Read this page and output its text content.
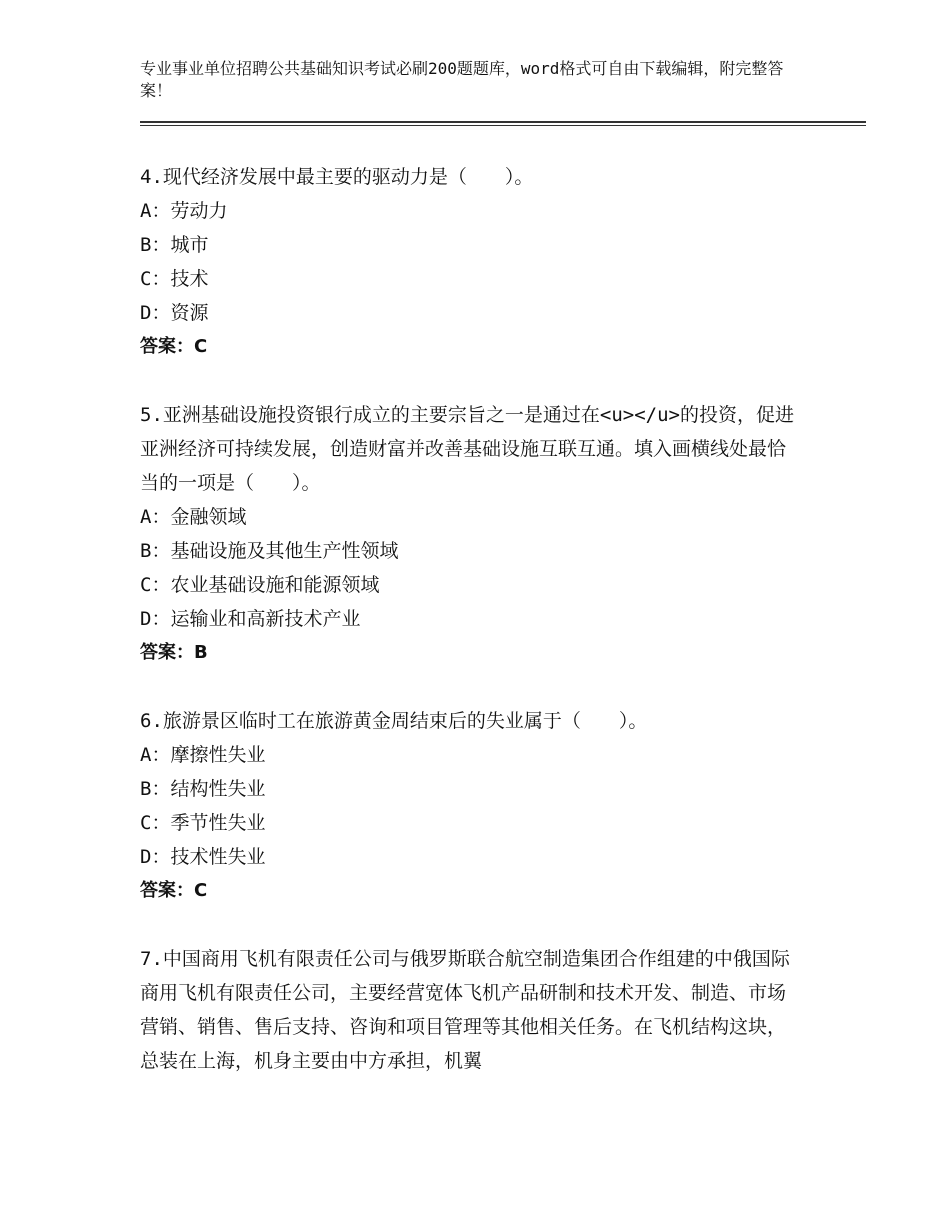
专业事业单位招聘公共基础知识考试必刷200题题库，word格式可自由下载编辑，附完整答案！
4.现代经济发展中最主要的驱动力是（　　）。
A：劳动力
B：城市
C：技术
D：资源
答案：C
5.亚洲基础设施投资银行成立的主要宗旨之一是通过在<u></u>的投资，促进亚洲经济可持续发展，创造财富并改善基础设施互联互通。填入画横线处最恰当的一项是（　　）。
A：金融领域
B：基础设施及其他生产性领域
C：农业基础设施和能源领域
D：运输业和高新技术产业
答案：B
6.旅游景区临时工在旅游黄金周结束后的失业属于（　　）。
A：摩擦性失业
B：结构性失业
C：季节性失业
D：技术性失业
答案：C
7.中国商用飞机有限责任公司与俄罗斯联合航空制造集团合作组建的中俄国际商用飞机有限责任公司，主要经营宽体飞机产品研制和技术开发、制造、市场营销、销售、售后支持、咨询和项目管理等其他相关任务。在飞机结构这块，总装在上海，机身主要由中方承担，机翼
